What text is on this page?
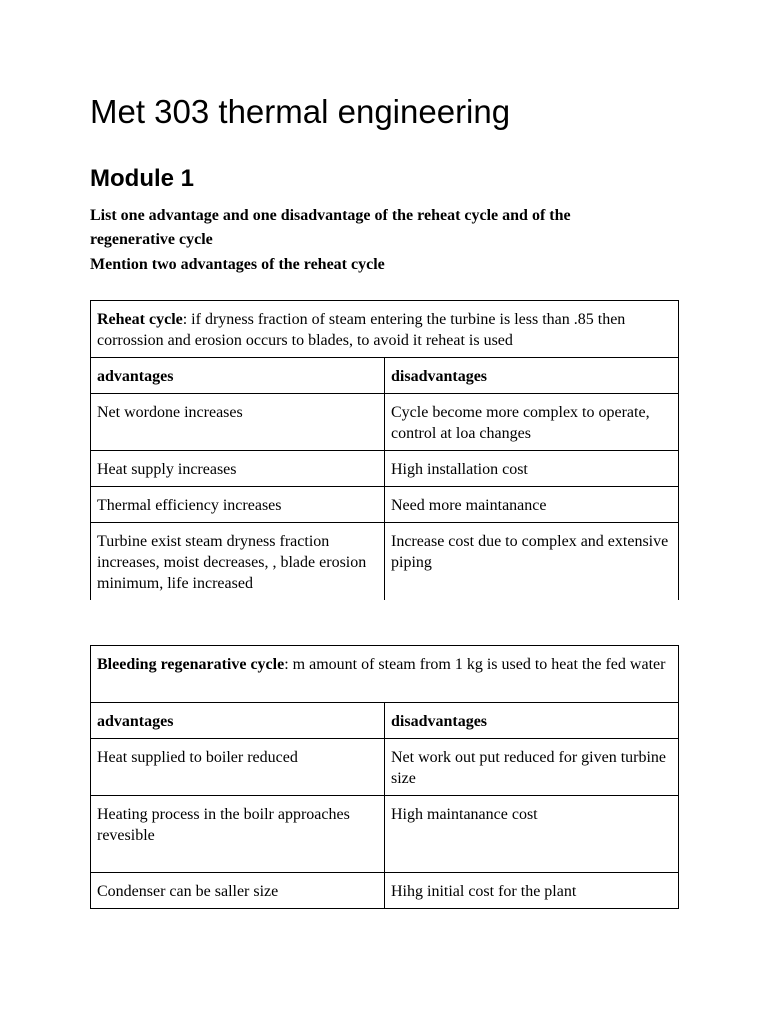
Met 303 thermal engineering
Module 1

List one advantage and one disadvantage of the reheat cycle and of the regenerative cycle

Mention two advantages of the reheat cycle

Reheat cycle: if dryness fraction of steam entering the turbine is less than .85 then corrossion and erosion occurs to blades, to avoid it reheat is used	
advantages	disadvantages
Net wordone increases	Cycle become more complex to operate, control at loa changes
Heat supply increases	High installation cost
Thermal efficiency increases	Need more maintanance
Turbine exist steam dryness fraction increases, moist decreases, , blade erosion minimum, life increased	Increase cost due to complex and extensive piping
Bleeding regenarative cycle: m amount of steam from 1 kg is used to heat the fed water	
advantages	disadvantages
Heat supplied to boiler reduced	Net work out put reduced for given turbine size
Heating process in the boilr approaches revesible	High maintanance cost
Condenser can be saller size	Hihg initial cost for the plant
